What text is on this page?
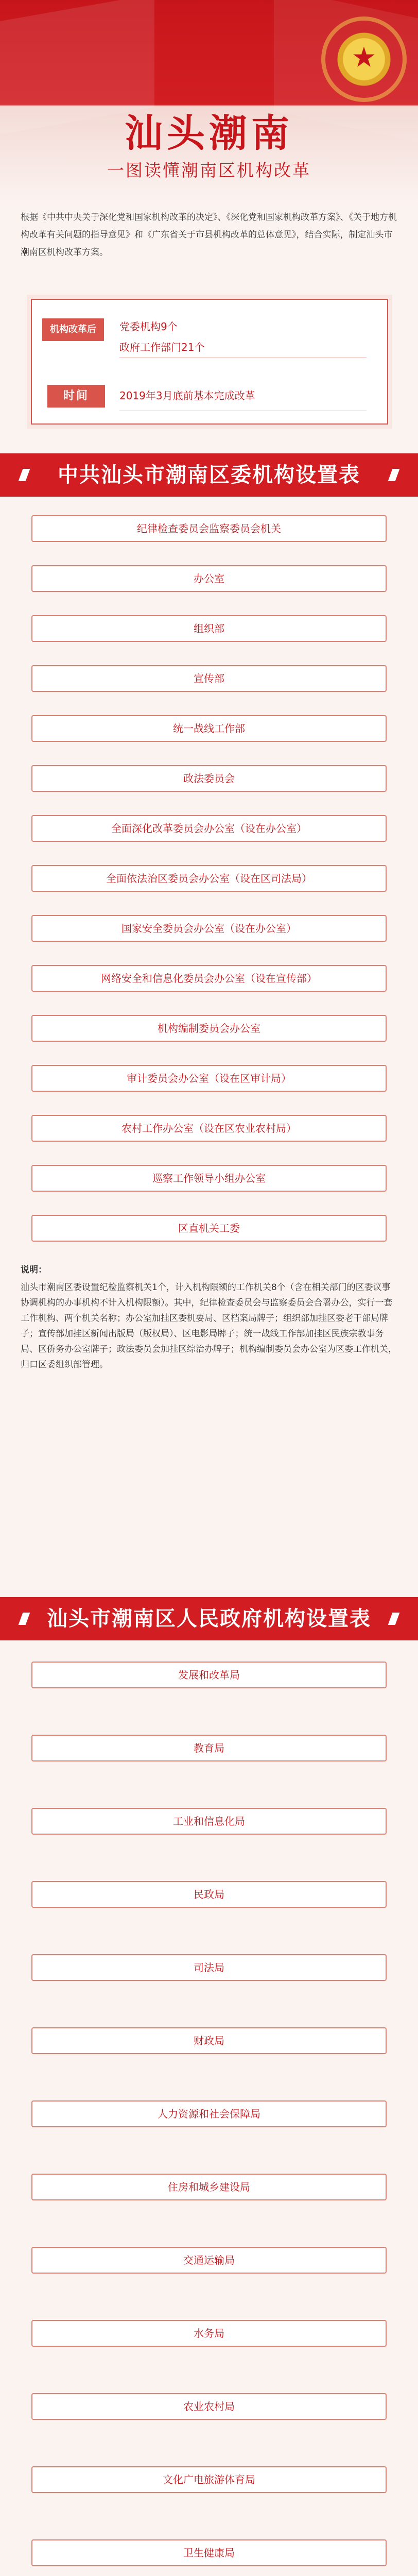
★
汕头潮南
一图读懂潮南区机构改革
根据《中共中央关于深化党和国家机构改革的决定》、《深化党和国家机构改革方案》、《关于地方机构改革有关问题的指导意见》和《广东省关于市县机构改革的总体意见》，结合实际，制定汕头市潮南区机构改革方案。
机构改革后	党委机构9个
政府工作部门21个
时间	2019年3月底前基本完成改革
中共汕头市潮南区委机构设置表
纪律检查委员会监察委员会机关
办公室
组织部
宣传部
统一战线工作部
政法委员会
全面深化改革委员会办公室（设在办公室）
全面依法治区委员会办公室（设在区司法局）
国家安全委员会办公室（设在办公室）
网络安全和信息化委员会办公室（设在宣传部）
机构编制委员会办公室
审计委员会办公室（设在区审计局）
农村工作办公室（设在区农业农村局）
巡察工作领导小组办公室
区直机关工委
说明：
汕头市潮南区委设置纪检监察机关1个，计入机构限额的工作机关8个（含在相关部门的区委议事协调机构的办事机构不计入机构限额）。其中，纪律检查委员会与监察委员会合署办公，实行一套工作机构、两个机关名称；办公室加挂区委机要局、区档案局牌子；组织部加挂区委老干部局牌子；宣传部加挂区新闻出版局（版权局）、区电影局牌子；统一战线工作部加挂区民族宗教事务局、区侨务办公室牌子；政法委员会加挂区综治办牌子；机构编制委员会办公室为区委工作机关，归口区委组织部管理。
汕头市潮南区人民政府机构设置表
发展和改革局
教育局
工业和信息化局
民政局
司法局
财政局
人力资源和社会保障局
住房和城乡建设局
交通运输局
水务局
农业农村局
文化广电旅游体育局
卫生健康局
